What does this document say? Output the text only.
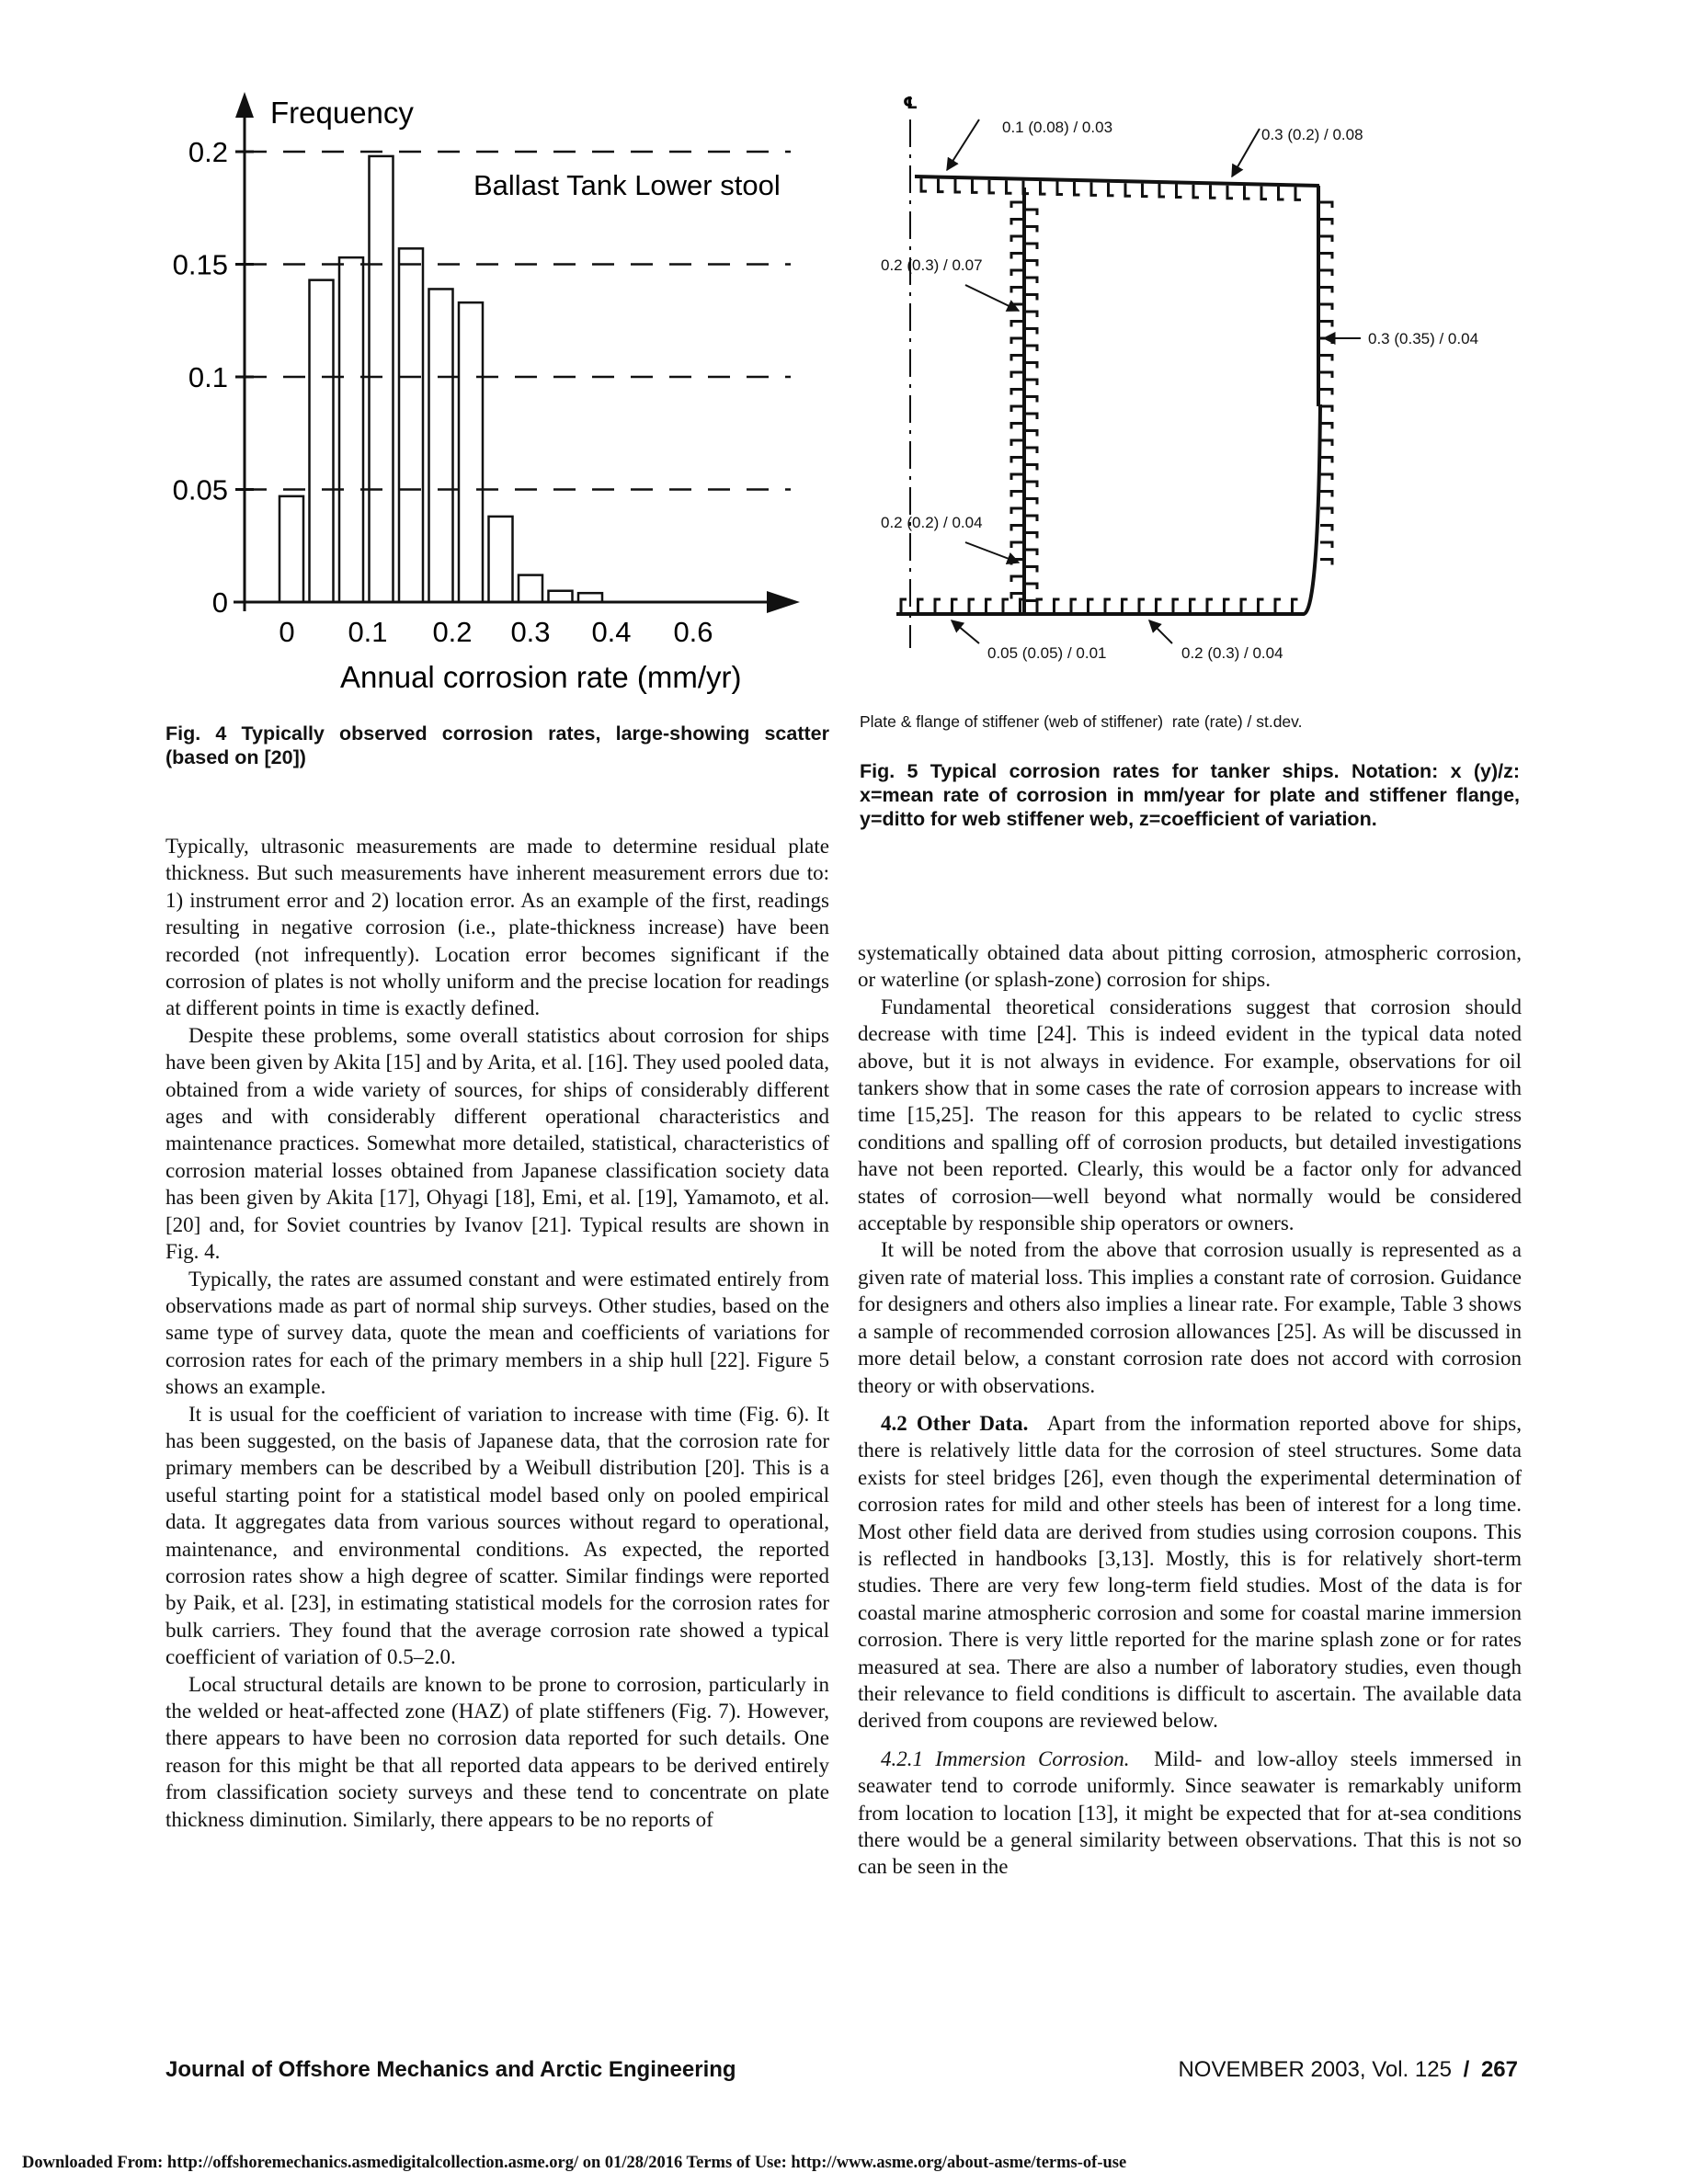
Frequency
Ballast Tank Lower stool
0
0.05
0.1
0.15
0.2
0 0.1 0.2 0.3 0.4 0.6
Annual corrosion rate (mm/yr)
Fig. 4 Typically observed corrosion rates, large-showing scatter (based on [20])
℄
0.1 (0.08) / 0.03	0.3 (0.2) / 0.08
0.2 (0.3) / 0.07
0.3 (0.35) / 0.04
0.2 (0.2) / 0.04
0.05 (0.05) / 0.01	0.2 (0.3) / 0.04
Plate & flange of stiffener (web of stiffener)  rate (rate) / st.dev.
Fig. 5 Typical corrosion rates for tanker ships. Notation: x (y)/z: x=mean rate of corrosion in mm/year for plate and stiffener flange, y=ditto for web stiffener web, z=coefficient of variation.

Typically, ultrasonic measurements are made to determine residual plate thickness. But such measurements have inherent measurement errors due to: 1) instrument error and 2) location error. As an example of the first, readings resulting in negative corrosion (i.e., plate-thickness increase) have been recorded (not infrequently). Location error becomes significant if the corrosion of plates is not wholly uniform and the precise location for readings at different points in time is exactly defined.

Despite these problems, some overall statistics about corrosion for ships have been given by Akita [15] and by Arita, et al. [16]. They used pooled data, obtained from a wide variety of sources, for ships of considerably different ages and with considerably different operational characteristics and maintenance practices. Somewhat more detailed, statistical, characteristics of corrosion material losses obtained from Japanese classification society data has been given by Akita [17], Ohyagi [18], Emi, et al. [19], Yamamoto, et al. [20] and, for Soviet countries by Ivanov [21]. Typical results are shown in Fig. 4.

Typically, the rates are assumed constant and were estimated entirely from observations made as part of normal ship surveys. Other studies, based on the same type of survey data, quote the mean and coefficients of variations for corrosion rates for each of the primary members in a ship hull [22]. Figure 5 shows an example.

It is usual for the coefficient of variation to increase with time (Fig. 6). It has been suggested, on the basis of Japanese data, that the corrosion rate for primary members can be described by a Weibull distribution [20]. This is a useful starting point for a statistical model based only on pooled empirical data. It aggregates data from various sources without regard to operational, maintenance, and environmental conditions. As expected, the reported corrosion rates show a high degree of scatter. Similar findings were reported by Paik, et al. [23], in estimating statistical models for the corrosion rates for bulk carriers. They found that the average corrosion rate showed a typical coefficient of variation of 0.5–2.0.

Local structural details are known to be prone to corrosion, particularly in the welded or heat-affected zone (HAZ) of plate stiffeners (Fig. 7). However, there appears to have been no corrosion data reported for such details. One reason for this might be that all reported data appears to be derived entirely from classification society surveys and these tend to concentrate on plate thickness diminution. Similarly, there appears to be no reports of

systematically obtained data about pitting corrosion, atmospheric corrosion, or waterline (or splash-zone) corrosion for ships.

Fundamental theoretical considerations suggest that corrosion should decrease with time [24]. This is indeed evident in the typical data noted above, but it is not always in evidence. For example, observations for oil tankers show that in some cases the rate of corrosion appears to increase with time [15,25]. The reason for this appears to be related to cyclic stress conditions and spalling off of corrosion products, but detailed investigations have not been reported. Clearly, this would be a factor only for advanced states of corrosion—well beyond what normally would be considered acceptable by responsible ship operators or owners.

It will be noted from the above that corrosion usually is represented as a given rate of material loss. This implies a constant rate of corrosion. Guidance for designers and others also implies a linear rate. For example, Table 3 shows a sample of recommended corrosion allowances [25]. As will be discussed in more detail below, a constant corrosion rate does not accord with corrosion theory or with observations.

4.2 Other Data. Apart from the information reported above for ships, there is relatively little data for the corrosion of steel structures. Some data exists for steel bridges [26], even though the experimental determination of corrosion rates for mild and other steels has been of interest for a long time. Most other field data are derived from studies using corrosion coupons. This is reflected in handbooks [3,13]. Mostly, this is for relatively short-term studies. There are very few long-term field studies. Most of the data is for coastal marine atmospheric corrosion and some for coastal marine immersion corrosion. There is very little reported for the marine splash zone or for rates measured at sea. There are also a number of laboratory studies, even though their relevance to field conditions is difficult to ascertain. The available data derived from coupons are reviewed below.

4.2.1 Immersion Corrosion. Mild- and low-alloy steels immersed in seawater tend to corrode uniformly. Since seawater is remarkably uniform from location to location [13], it might be expected that for at-sea conditions there would be a general similarity between observations. That this is not so can be seen in the

Journal of Offshore Mechanics and Arctic Engineering	NOVEMBER 2003, Vol. 125 / 267
Downloaded From: http://offshoremechanics.asmedigitalcollection.asme.org/ on 01/28/2016 Terms of Use: http://www.asme.org/about-asme/terms-of-use
